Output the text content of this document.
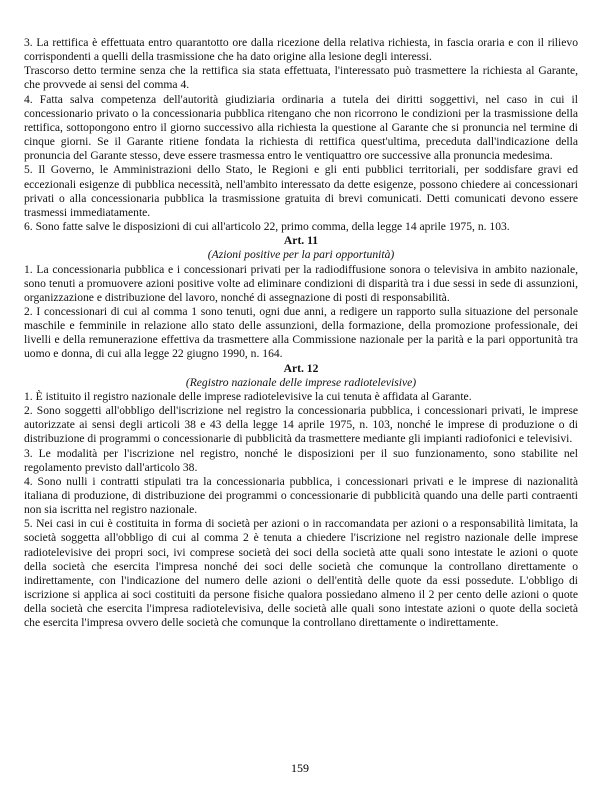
3. La rettifica è effettuata entro quarantotto ore dalla ricezione della relativa richiesta, in fascia oraria e con il rilievo corrispondenti a quelli della trasmissione che ha dato origine alla lesione degli interessi.

Trascorso detto termine senza che la rettifica sia stata effettuata, l'interessato può trasmettere la richiesta al Garante, che provvede ai sensi del comma 4.

4. Fatta salva competenza dell'autorità giudiziaria ordinaria a tutela dei diritti soggettivi, nel caso in cui il concessionario privato o la concessionaria pubblica ritengano che non ricorrono le condizioni per la trasmissione della rettifica, sottopongono entro il giorno successivo alla richiesta la questione al Garante che si pronuncia nel termine di cinque giorni. Se il Garante ritiene fondata la richiesta di rettifica quest'ultima, preceduta dall'indicazione della pronuncia del Garante stesso, deve essere trasmessa entro le ventiquattro ore successive alla pronuncia medesima.

5. Il Governo, le Amministrazioni dello Stato, le Regioni e gli enti pubblici territoriali, per soddisfare gravi ed eccezionali esigenze di pubblica necessità, nell'ambito interessato da dette esigenze, possono chiedere ai concessionari privati o alla concessionaria pubblica la trasmissione gratuita di brevi comunicati. Detti comunicati devono essere trasmessi immediatamente.

6. Sono fatte salve le disposizioni di cui all'articolo 22, primo comma, della legge 14 aprile 1975, n. 103.

Art. 11

(Azioni positive per la pari opportunità)

1. La concessionaria pubblica e i concessionari privati per la radiodiffusione sonora o televisiva in ambito nazionale, sono tenuti a promuovere azioni positive volte ad eliminare condizioni di disparità tra i due sessi in sede di assunzioni, organizzazione e distribuzione del lavoro, nonché di assegnazione di posti di responsabilità.

2. I concessionari di cui al comma 1 sono tenuti, ogni due anni, a redigere un rapporto sulla situazione del personale maschile e femminile in relazione allo stato delle assunzioni, della formazione, della promozione professionale, dei livelli e della remunerazione effettiva da trasmettere alla Commissione nazionale per la parità e la pari opportunità tra uomo e donna, di cui alla legge 22 giugno 1990, n. 164.

Art. 12

(Registro nazionale delle imprese radiotelevisive)

1. È istituito il registro nazionale delle imprese radiotelevisive la cui tenuta è affidata al Garante.

2. Sono soggetti all'obbligo dell'iscrizione nel registro la concessionaria pubblica, i concessionari privati, le imprese autorizzate ai sensi degli articoli 38 e 43 della legge 14 aprile 1975, n. 103, nonché le imprese di produzione o di distribuzione di programmi o concessionarie di pubblicità da trasmettere mediante gli impianti radiofonici e televisivi.

3. Le modalità per l'iscrizione nel registro, nonché le disposizioni per il suo funzionamento, sono stabilite nel regolamento previsto dall'articolo 38.

4. Sono nulli i contratti stipulati tra la concessionaria pubblica, i concessionari privati e le imprese di nazionalità italiana di produzione, di distribuzione dei programmi o concessionarie di pubblicità quando una delle parti contraenti non sia iscritta nel registro nazionale.

5. Nei casi in cui è costituita in forma di società per azioni o in raccomandata per azioni o a responsabilità limitata, la società soggetta all'obbligo di cui al comma 2 è tenuta a chiedere l'iscrizione nel registro nazionale delle imprese radiotelevisive dei propri soci, ivi comprese società dei soci della società atte quali sono intestate le azioni o quote della società che esercita l'impresa nonché dei soci delle società che comunque la controllano direttamente o indirettamente, con l'indicazione del numero delle azioni o dell'entità delle quote da essi possedute. L'obbligo di iscrizione si applica ai soci costituiti da persone fisiche qualora possiedano almeno il 2 per cento delle azioni o quote della società che esercita l'impresa radiotelevisiva, delle società alle quali sono intestate azioni o quote della società che esercita l'impresa ovvero delle società che comunque la controllano direttamente o indirettamente.

159
